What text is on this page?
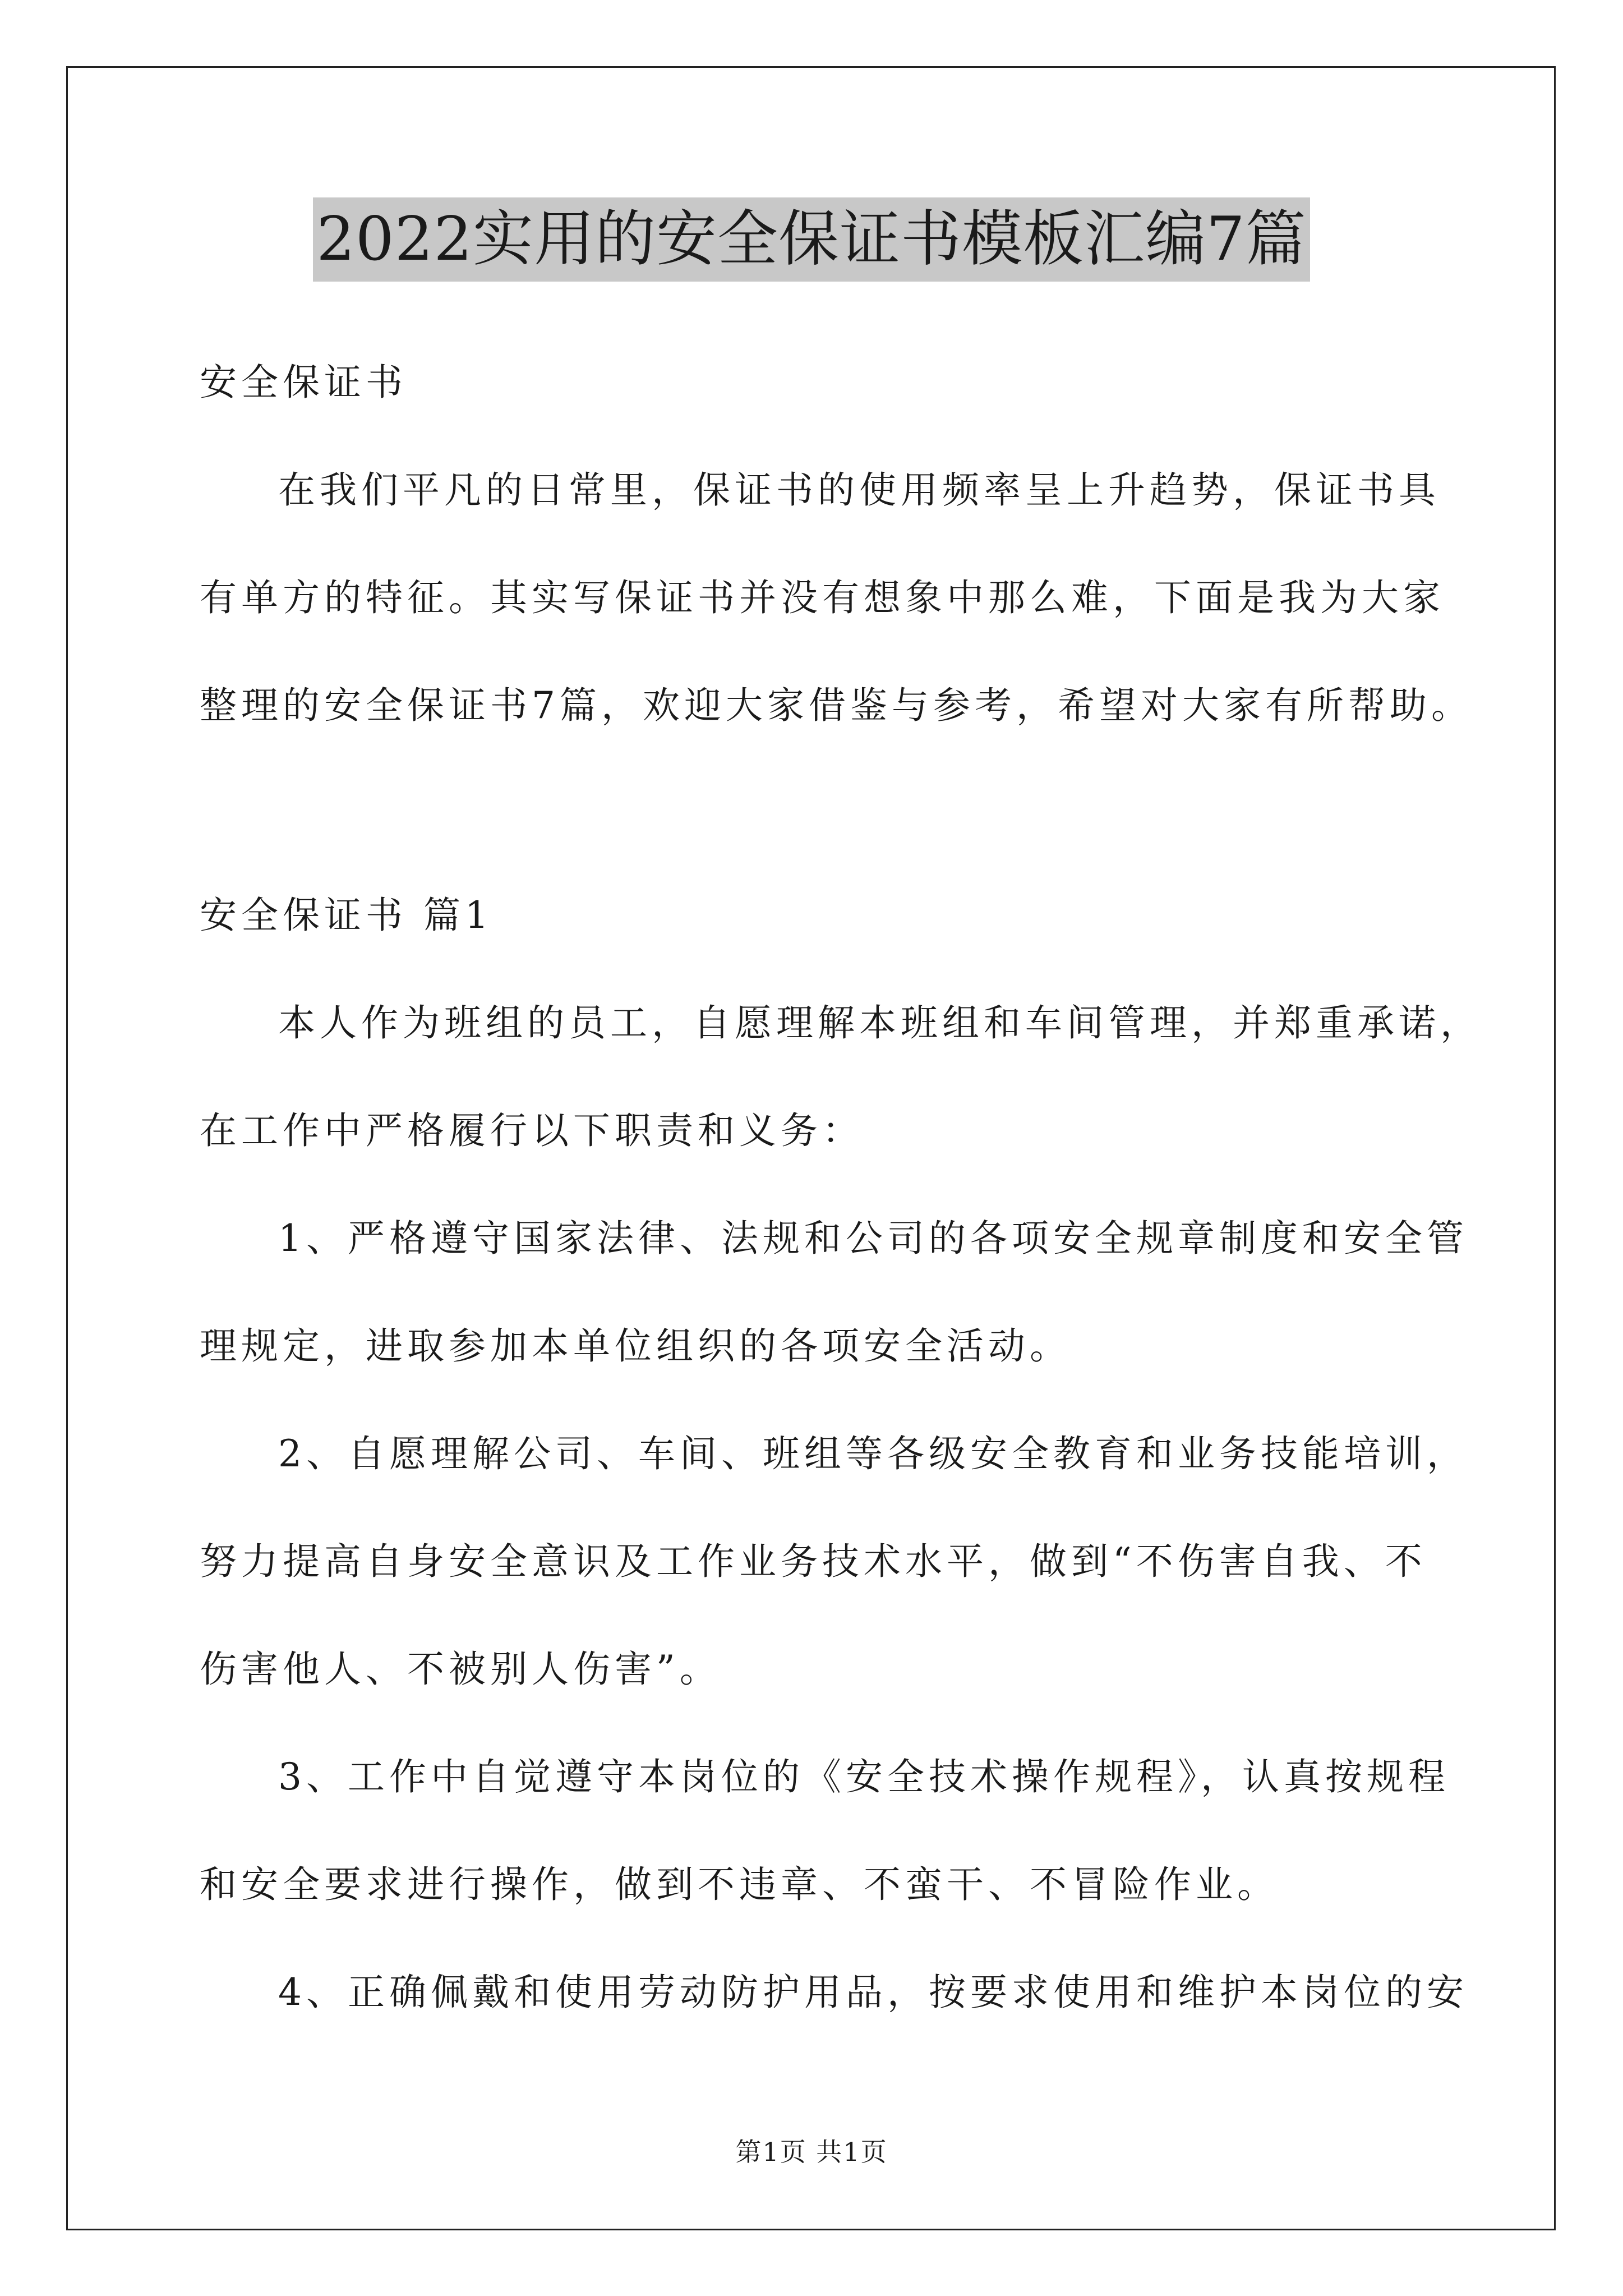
2022实用的安全保证书模板汇编7篇
安全保证书
在我们平凡的日常里，保证书的使用频率呈上升趋势，保证书具
有单方的特征。其实写保证书并没有想象中那么难，下面是我为大家
整理的安全保证书7篇，欢迎大家借鉴与参考，希望对大家有所帮助。
安全保证书 篇1
本人作为班组的员工，自愿理解本班组和车间管理，并郑重承诺，
在工作中严格履行以下职责和义务：
1、严格遵守国家法律、法规和公司的各项安全规章制度和安全管
理规定，进取参加本单位组织的各项安全活动。
2、自愿理解公司、车间、班组等各级安全教育和业务技能培训，
努力提高自身安全意识及工作业务技术水平，做到“不伤害自我、不
伤害他人、不被别人伤害”。
3、工作中自觉遵守本岗位的《安全技术操作规程》，认真按规程
和安全要求进行操作，做到不违章、不蛮干、不冒险作业。
4、正确佩戴和使用劳动防护用品，按要求使用和维护本岗位的安
第1页 共1页
